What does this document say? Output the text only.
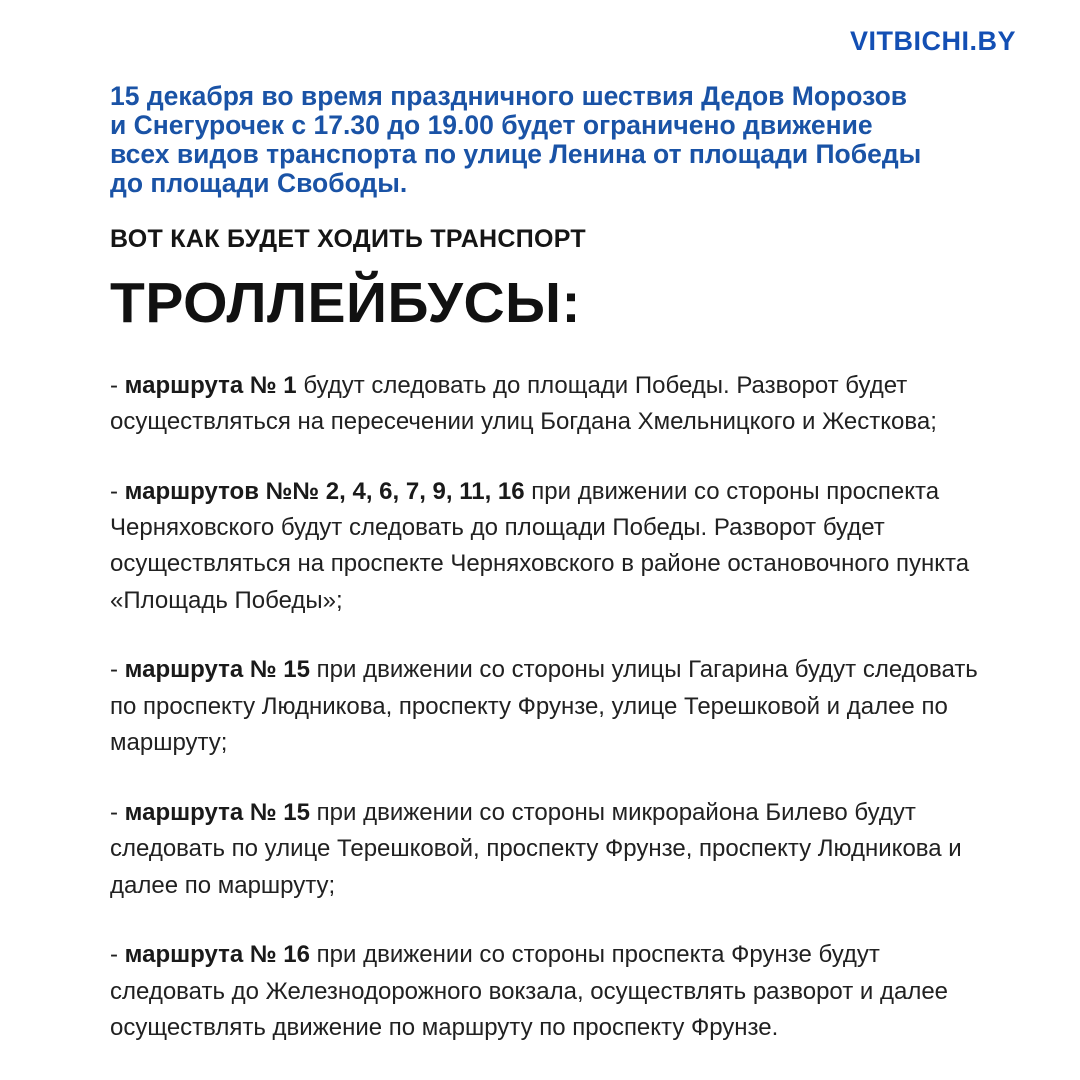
VITBICHI.BY

15 декабря во время праздничного шествия Дедов Морозов и Снегурочек с 17.30 до 19.00 будет ограничено движение всех видов транспорта по улице Ленина от площади Победы до площади Свободы.

ВОТ КАК БУДЕТ ХОДИТЬ ТРАНСПОРТ
ТРОЛЛЕЙБУСЫ:

- маршрута № 1 будут следовать до площади Победы. Разворот будет осуществляться на пересечении улиц Богдана Хмельницкого и Жесткова;

- маршрутов №№ 2, 4, 6, 7, 9, 11, 16 при движении со стороны проспекта Черняховского будут следовать до площади Победы. Разворот будет осуществляться на проспекте Черняховского в районе остановочного пункта «Площадь Победы»;

- маршрута № 15 при движении со стороны улицы Гагарина будут следовать по проспекту Людникова, проспекту Фрунзе, улице Терешковой и далее по маршруту;

- маршрута № 15 при движении со стороны микрорайона Билево будут следовать по улице Терешковой, проспекту Фрунзе, проспекту Людникова и далее по маршруту;

- маршрута № 16 при движении со стороны проспекта Фрунзе будут следовать до Железнодорожного вокзала, осуществлять разворот и далее осуществлять движение по маршруту по проспекту Фрунзе.
